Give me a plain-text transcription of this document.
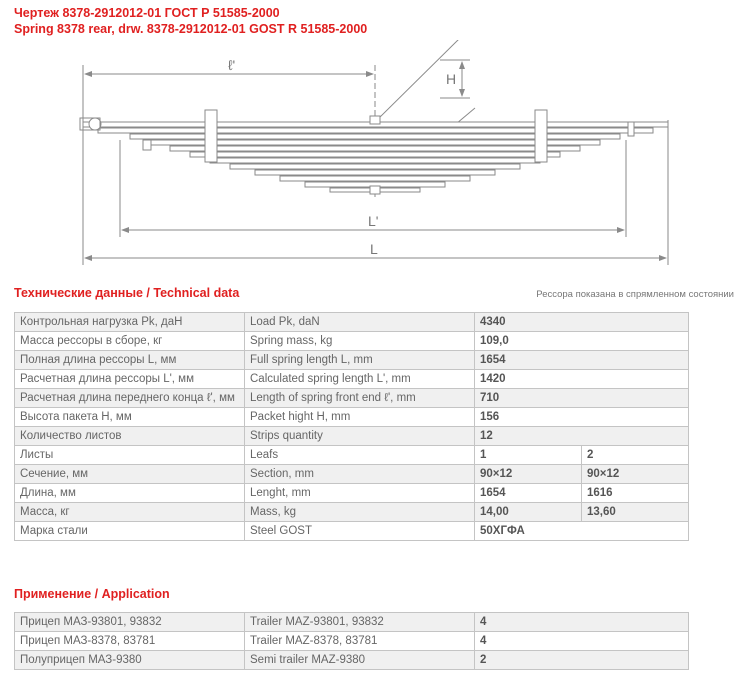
Чертеж 8378-2912012-01 ГОСТ Р 51585-2000
Spring 8378 rear, drw. 8378-2912012-01 GOST R 51585-2000
ℓ'
H
L'
L
Технические данные / Technical data	Рессора показана в спрямленном состоянии
Контрольная нагрузка Pk, даН	Load Pk, daN	4340	
Масса рессоры в сборе, кг	Spring mass, kg	109,0	
Полная длина рессоры L, мм	Full spring length L, mm	1654	
Расчетная длина рессоры L', мм	Calculated spring length L', mm	1420	
Расчетная длина переднего конца ℓ', мм	Length of spring front end ℓ', mm	710	
Высота пакета H, мм	Packet hight H, mm	156	
Количество листов	Strips quantity	12	
Листы	Leafs	1	2
Сечение, мм	Section, mm	90×12	90×12
Длина, мм	Lenght, mm	1654	1616
Масса, кг	Mass, kg	14,00	13,60
Марка стали	Steel GOST	50ХГФА	
Применение / Application
Прицеп МАЗ-93801, 93832	Trailer MAZ-93801, 93832	4
Прицеп МАЗ-8378, 83781	Trailer MAZ-8378, 83781	4
Полуприцеп МАЗ-9380	Semi trailer MAZ-9380	2
